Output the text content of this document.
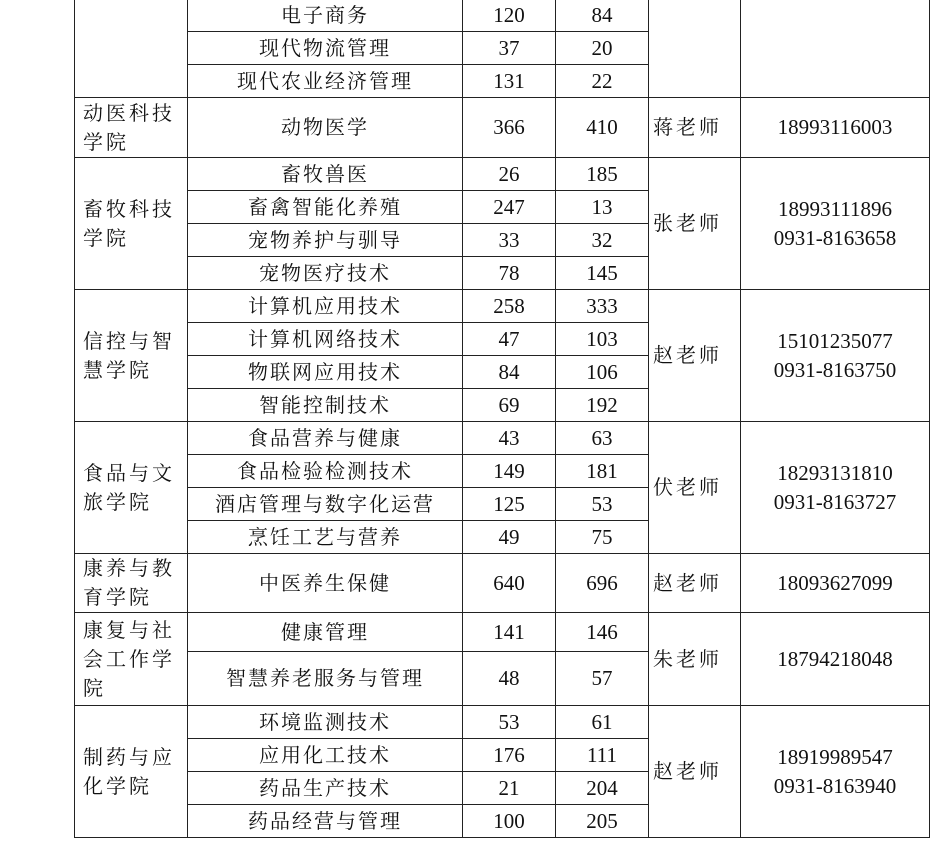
	电子商务	120	84		
	现代物流管理	37	20		
	现代农业经济管理	131	22		
动医科技学院	动物医学	366	410	蒋老师	18993116003

畜牧科技学院	畜牧兽医	26	185	张老师	18993111896
0931-8163658

	畜禽智能化养殖	247	13		
	宠物养护与驯导	33	32		
	宠物医疗技术	78	145		
信控与智慧学院	计算机应用技术	258	333	赵老师	15101235077
0931-8163750

	计算机网络技术	47	103		
	物联网应用技术	84	106		
	智能控制技术	69	192		
食品与文旅学院	食品营养与健康	43	63	伏老师	18293131810
0931-8163727

	食品检验检测技术	149	181		
	酒店管理与数字化运营	125	53		
	烹饪工艺与营养	49	75		
康养与教育学院	中医养生保健	640	696	赵老师	18093627099

康复与社会工作学院	健康管理	141	146	朱老师	18794218048

	智慧养老服务与管理	48	57		
制药与应化学院	环境监测技术	53	61	赵老师	18919989547
0931-8163940

	应用化工技术	176	111		
	药品生产技术	21	204		
	药品经营与管理	100	205		
